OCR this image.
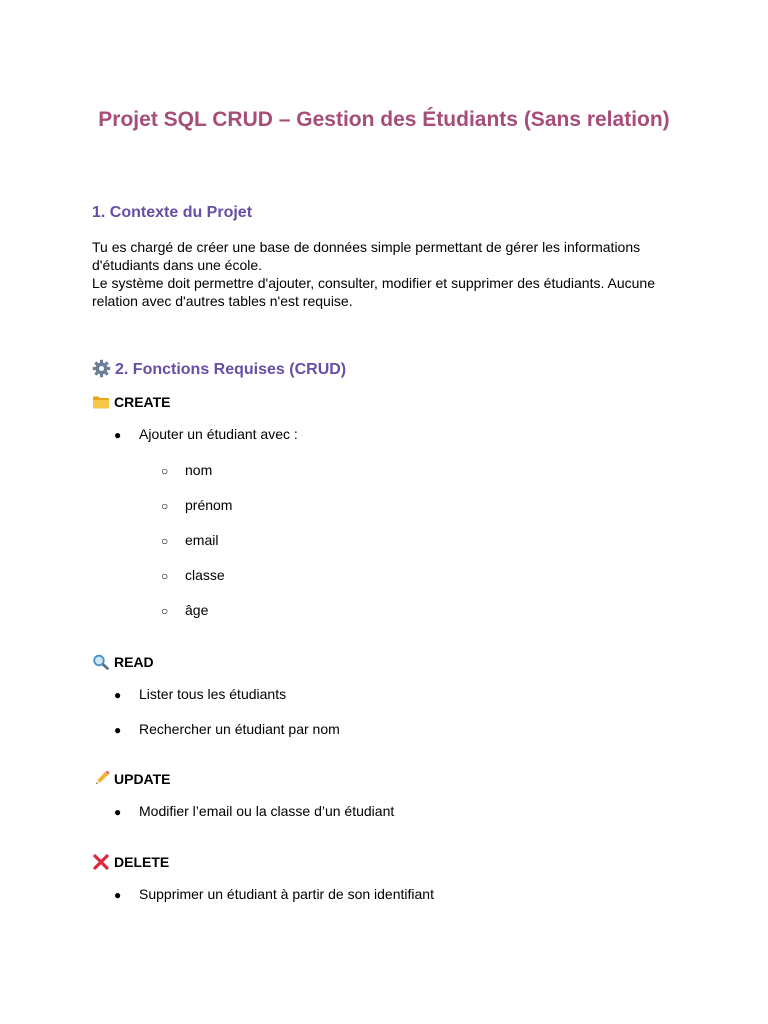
Projet SQL CRUD – Gestion des Étudiants (Sans relation)
1. Contexte du Projet
Tu es chargé de créer une base de données simple permettant de gérer les informations
d'étudiants dans une école.
Le système doit permettre d'ajouter, consulter, modifier et supprimer des étudiants. Aucune
relation avec d'autres tables n'est requise.
2. Fonctions Requises (CRUD)
CREATE
● Ajouter un étudiant avec :
○ nom
○ prénom
○ email
○ classe
○ âge
READ
● Lister tous les étudiants
● Rechercher un étudiant par nom
UPDATE
● Modifier l’email ou la classe d’un étudiant
DELETE
● Supprimer un étudiant à partir de son identifiant
